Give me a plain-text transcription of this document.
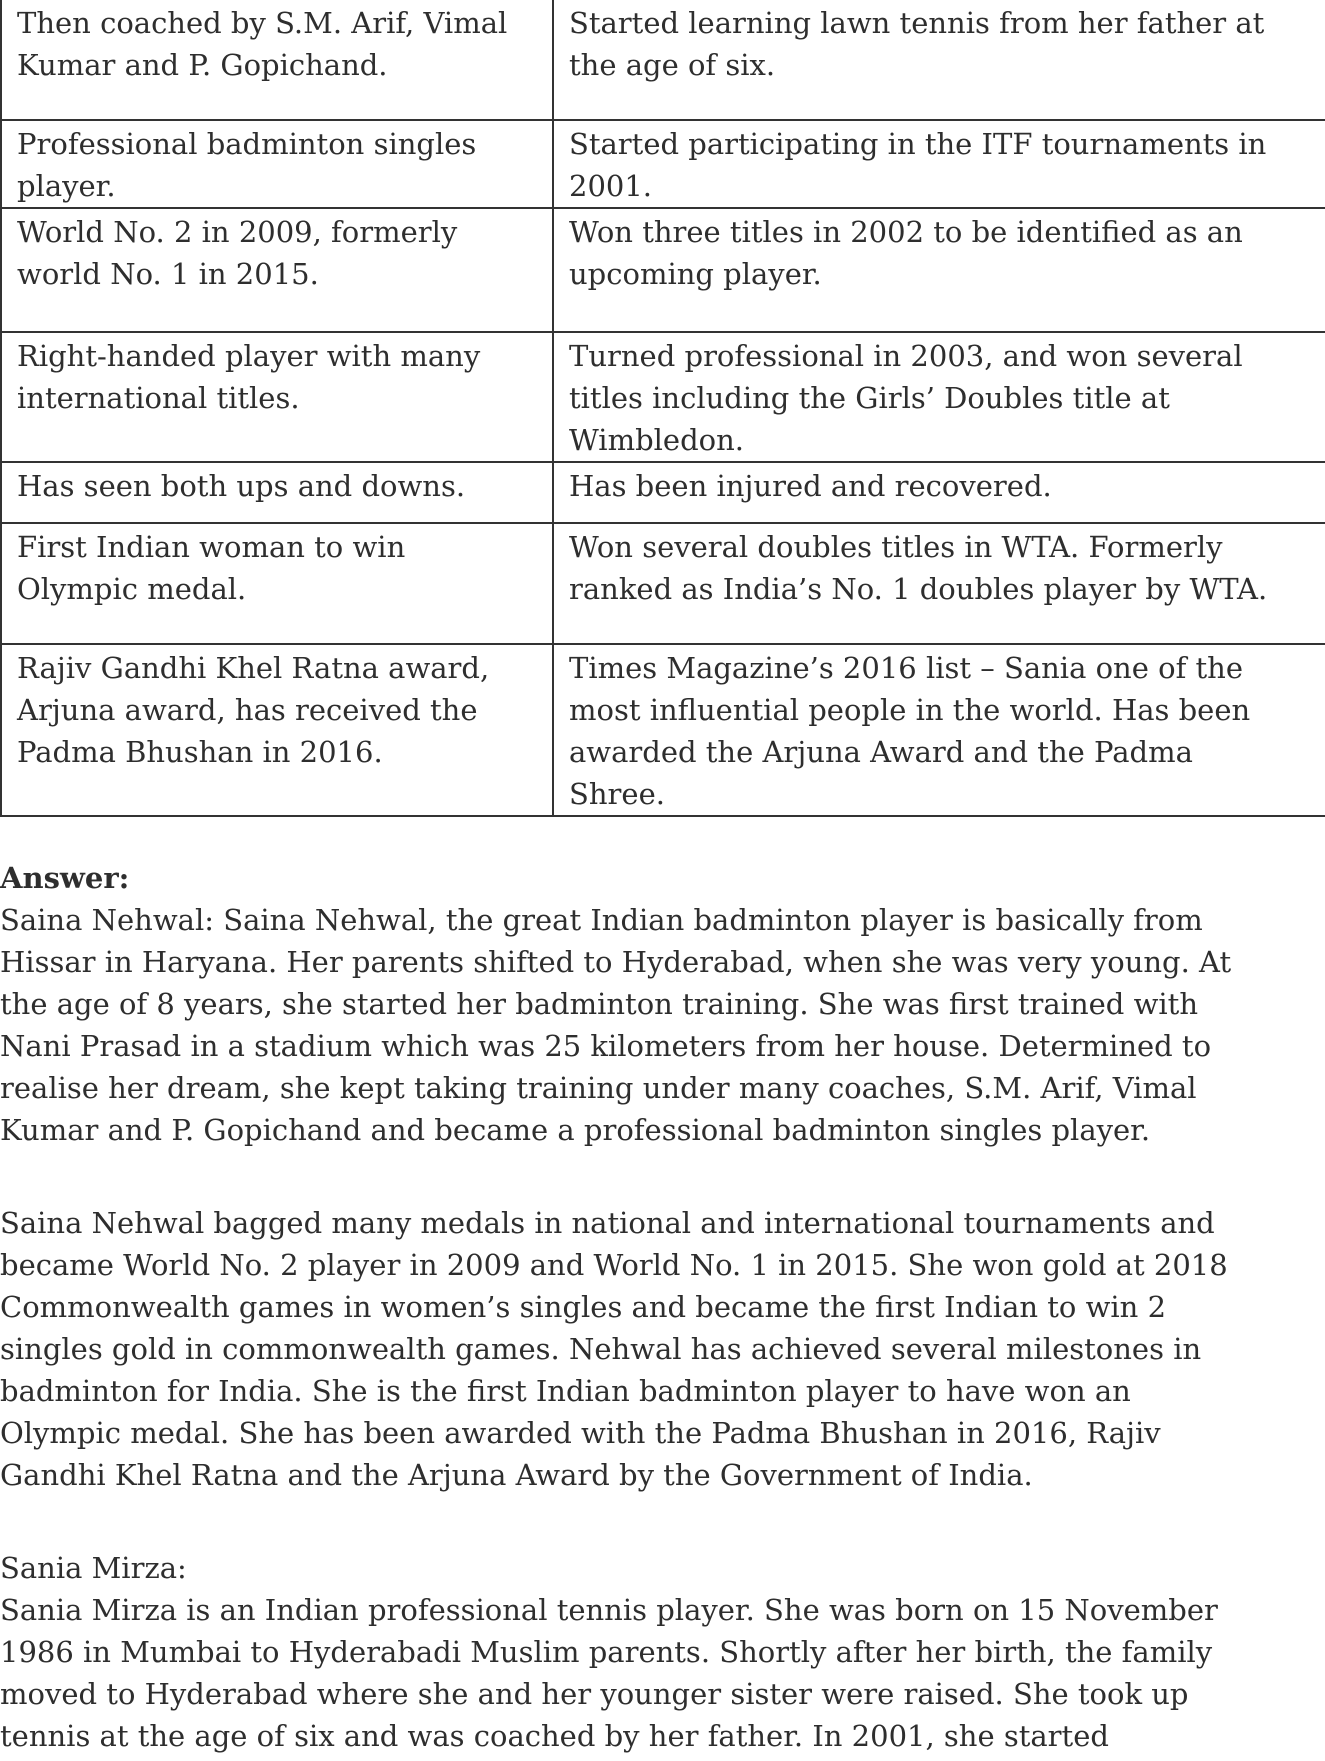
Then coached by S.M. Arif, Vimal
Kumar and P. Gopichand.	Started learning lawn tennis from her father at
the age of six.

Professional badminton singles
player.	Started participating in the ITF tournaments in
2001.

World No. 2 in 2009, formerly
world No. 1 in 2015.	Won three titles in 2002 to be identified as an
upcoming player.

Right-handed player with many
international titles.	Turned professional in 2003, and won several
titles including the Girls’ Doubles title at
Wimbledon.

Has seen both ups and downs.	Has been injured and recovered.

First Indian woman to win
Olympic medal.	Won several doubles titles in WTA. Formerly
ranked as India’s No. 1 doubles player by WTA.

Rajiv Gandhi Khel Ratna award,
Arjuna award, has received the
Padma Bhushan in 2016.	Times Magazine’s 2016 list – Sania one of the
most influential people in the world. Has been
awarded the Arjuna Award and the Padma
Shree.
Answer:
Saina Nehwal: Saina Nehwal, the great Indian badminton player is basically from
Hissar in Haryana. Her parents shifted to Hyderabad, when she was very young. At
the age of 8 years, she started her badminton training. She was first trained with
Nani Prasad in a stadium which was 25 kilometers from her house. Determined to
realise her dream, she kept taking training under many coaches, S.M. Arif, Vimal
Kumar and P. Gopichand and became a professional badminton singles player.
Saina Nehwal bagged many medals in national and international tournaments and
became World No. 2 player in 2009 and World No. 1 in 2015. She won gold at 2018
Commonwealth games in women’s singles and became the first Indian to win 2
singles gold in commonwealth games. Nehwal has achieved several milestones in
badminton for India. She is the first Indian badminton player to have won an
Olympic medal. She has been awarded with the Padma Bhushan in 2016, Rajiv
Gandhi Khel Ratna and the Arjuna Award by the Government of India.
Sania Mirza:
Sania Mirza is an Indian professional tennis player. She was born on 15 November
1986 in Mumbai to Hyderabadi Muslim parents. Shortly after her birth, the family
moved to Hyderabad where she and her younger sister were raised. She took up
tennis at the age of six and was coached by her father. In 2001, she started
